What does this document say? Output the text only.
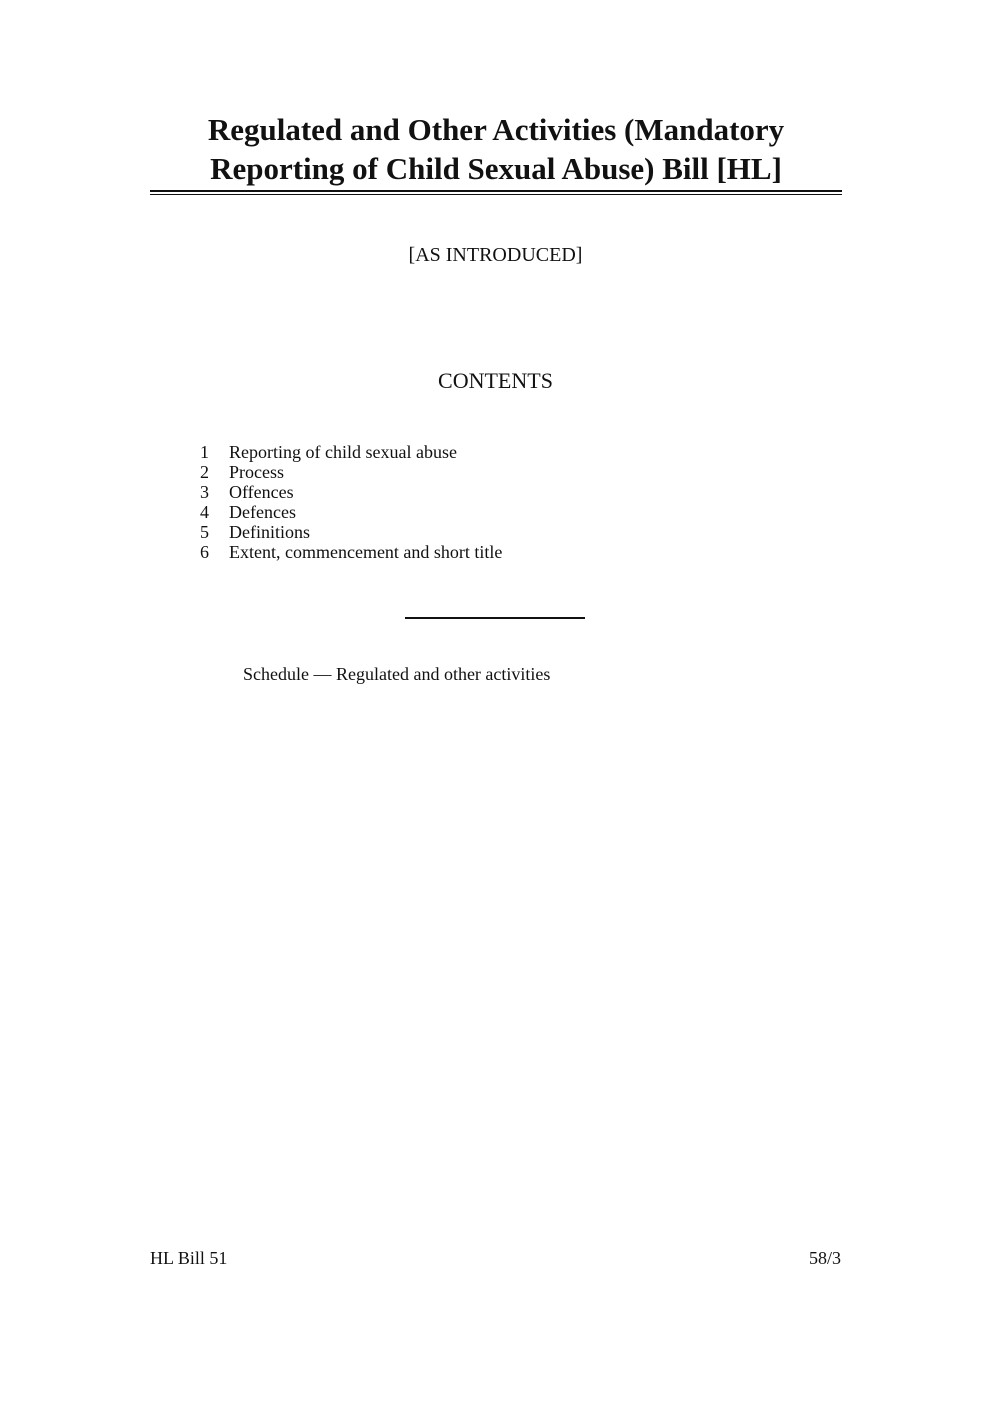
Regulated and Other Activities (Mandatory
Reporting of Child Sexual Abuse) Bill [HL]
[AS INTRODUCED]
CONTENTS
1	Reporting of child sexual abuse
2	Process
3	Offences
4	Defences
5	Definitions
6	Extent, commencement and short title
Schedule — Regulated and other activities
HL Bill 51	58/3
